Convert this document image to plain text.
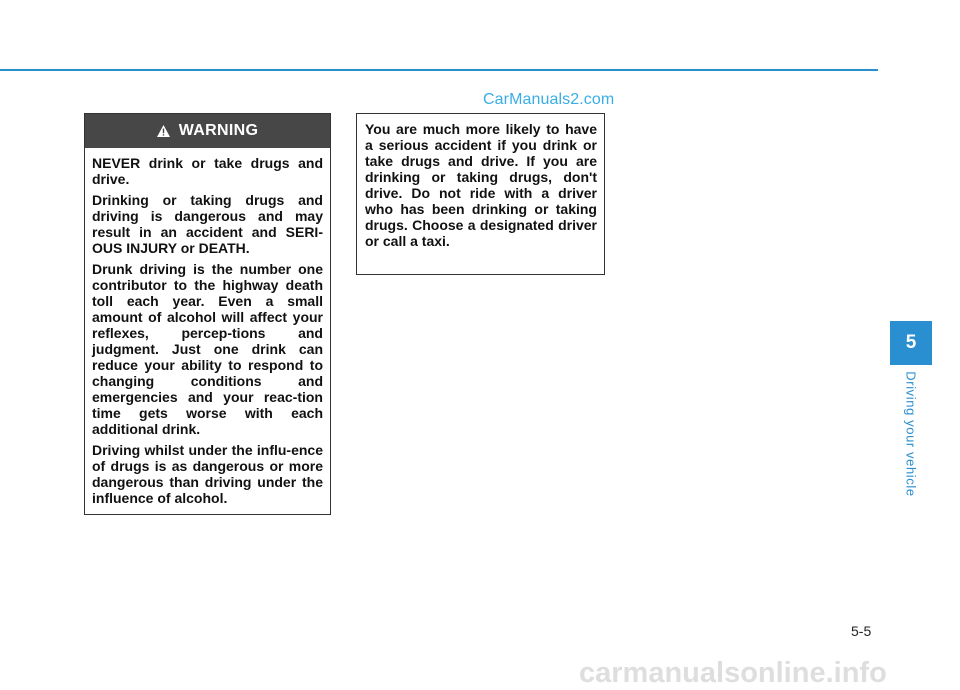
CarManuals2.com
WARNING

NEVER drink or take drugs and drive.

Drinking or taking drugs and driving is dangerous and may result in an accident and SERI-OUS INJURY or DEATH.

Drunk driving is the number one contributor to the highway death toll each year. Even a small amount of alcohol will affect your reflexes, percep-tions and judgment. Just one drink can reduce your ability to respond to changing conditions and emergencies and your reac-tion time gets worse with each additional drink.

Driving whilst under the influ-ence of drugs is as dangerous or more dangerous than driving under the influence of alcohol.

You are much more likely to have a serious accident if you drink or take drugs and drive. If you are drinking or taking drugs, don't drive. Do not ride with a driver who has been drinking or taking drugs. Choose a designated driver or call a taxi.

5
Driving your vehicle
5-5
carmanualsonline.info
